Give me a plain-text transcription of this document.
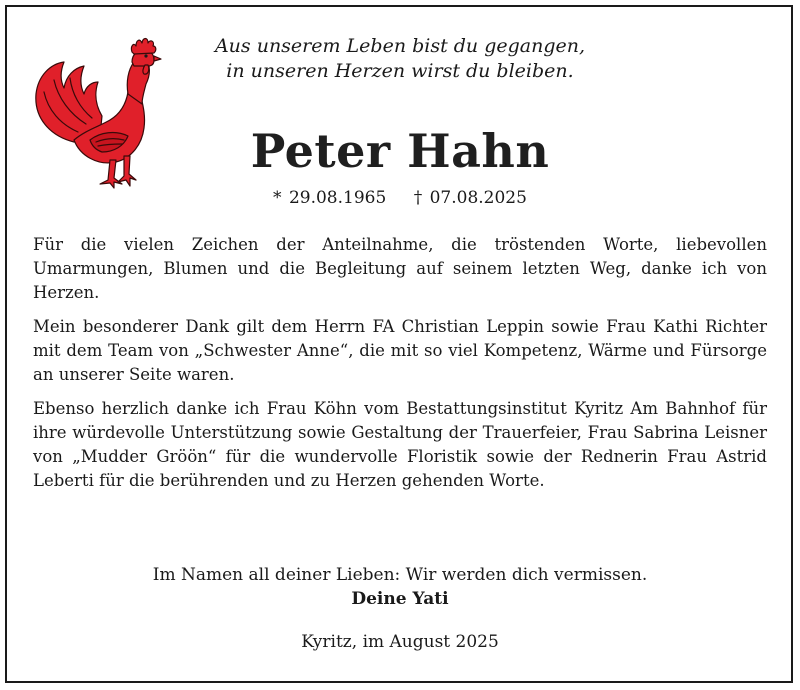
Aus unserem Leben bist du gegangen,
in unseren Herzen wirst du bleiben.
Peter Hahn
* 29.08.1965 † 07.08.2025

Für die vielen Zeichen der Anteilnahme, die tröstenden Worte, liebevollen Umarmungen, Blumen und die Begleitung auf seinem letzten Weg, danke ich von Herzen.

Mein besonderer Dank gilt dem Herrn FA Christian Leppin sowie Frau Kathi Richter mit dem Team von „Schwester Anne“, die mit so viel Kompetenz, Wärme und Fürsorge an unserer Seite waren.

Ebenso herzlich danke ich Frau Köhn vom Bestattungsinstitut Kyritz Am Bahnhof für ihre würdevolle Unterstützung sowie Gestaltung der Trauerfeier, Frau Sabrina Leisner von „Mudder Gröön“ für die wundervolle Floristik sowie der Rednerin Frau Astrid Leberti für die berührenden und zu Herzen gehenden Worte.

Im Namen all deiner Lieben: Wir werden dich vermissen.
Deine Yati
Kyritz, im August 2025
